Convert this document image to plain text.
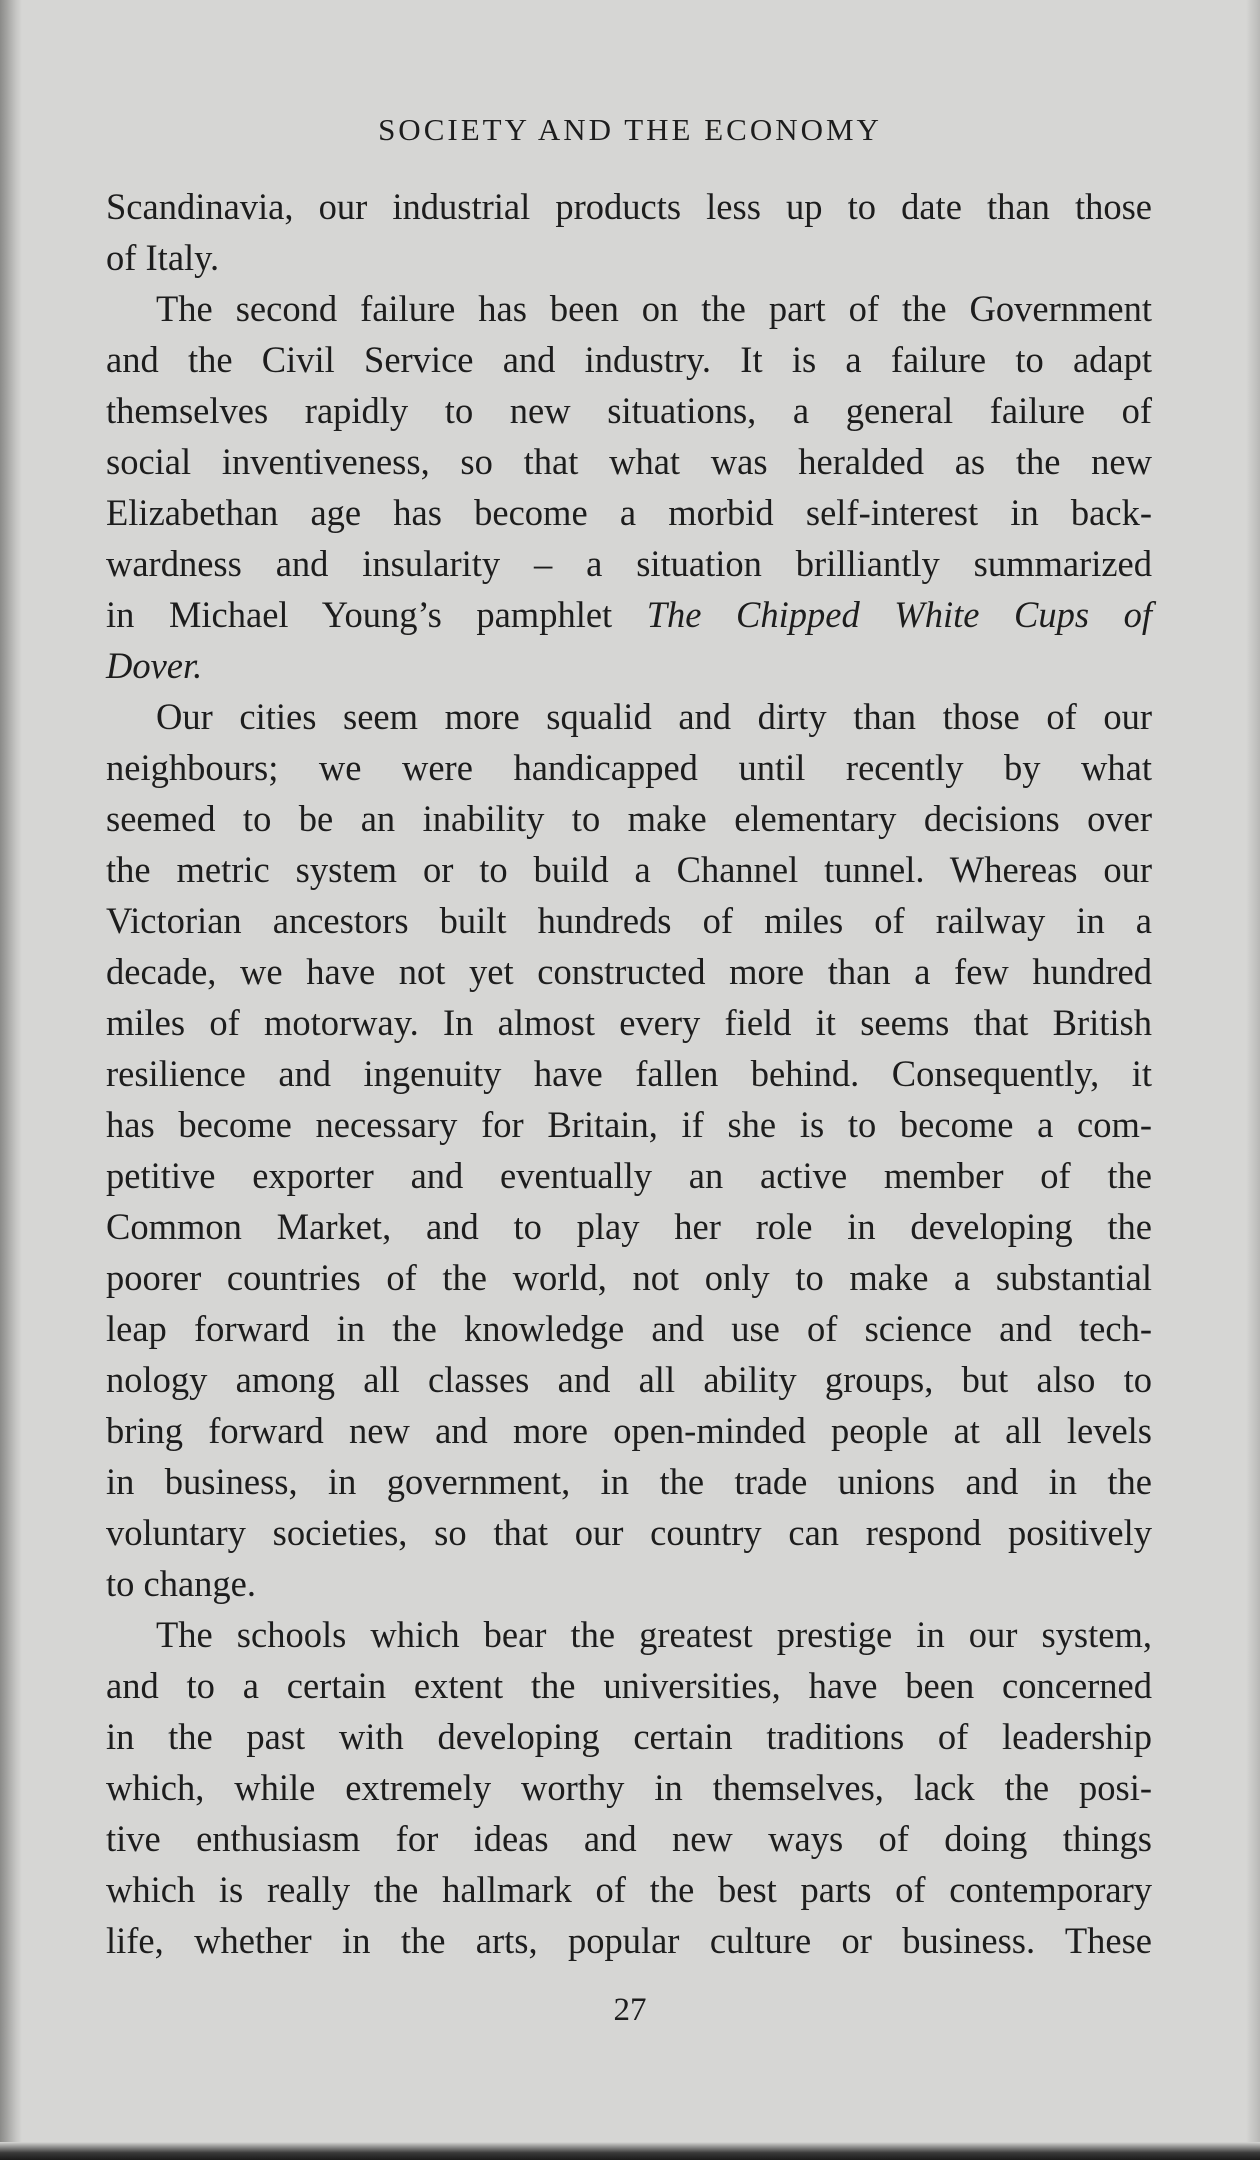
SOCIETY AND THE ECONOMY
Scandinavia, our industrial products less up to date than those
of Italy.
The second failure has been on the part of the Government
and the Civil Service and industry. It is a failure to adapt
themselves rapidly to new situations, a general failure of
social inventiveness, so that what was heralded as the new
Elizabethan age has become a morbid self-interest in back-
wardness and insularity – a situation brilliantly summarized
in Michael Young’s pamphlet The Chipped White Cups of
Dover.
Our cities seem more squalid and dirty than those of our
neighbours; we were handicapped until recently by what
seemed to be an inability to make elementary decisions over
the metric system or to build a Channel tunnel. Whereas our
Victorian ancestors built hundreds of miles of railway in a
decade, we have not yet constructed more than a few hundred
miles of motorway. In almost every field it seems that British
resilience and ingenuity have fallen behind. Consequently, it
has become necessary for Britain, if she is to become a com-
petitive exporter and eventually an active member of the
Common Market, and to play her role in developing the
poorer countries of the world, not only to make a substantial
leap forward in the knowledge and use of science and tech-
nology among all classes and all ability groups, but also to
bring forward new and more open-minded people at all levels
in business, in government, in the trade unions and in the
voluntary societies, so that our country can respond positively
to change.
The schools which bear the greatest prestige in our system,
and to a certain extent the universities, have been concerned
in the past with developing certain traditions of leadership
which, while extremely worthy in themselves, lack the posi-
tive enthusiasm for ideas and new ways of doing things
which is really the hallmark of the best parts of contemporary
life, whether in the arts, popular culture or business. These
27
